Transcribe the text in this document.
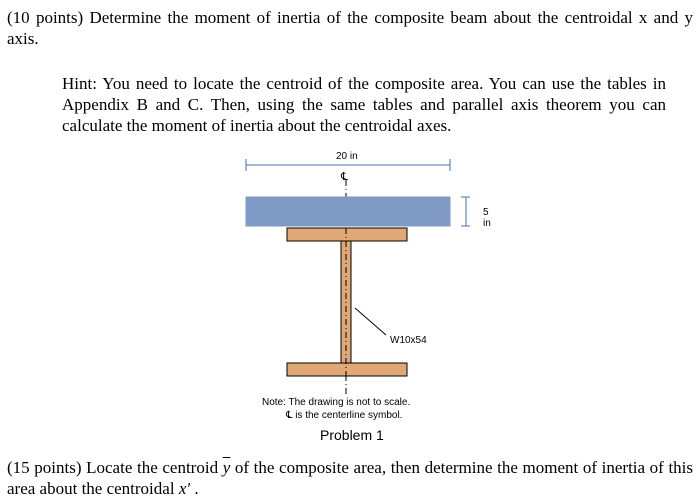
(10 points) Determine the moment of inertia of the composite beam about the centroidal x and y axis.

Hint: You need to locate the centroid of the composite area. You can use the tables in Appendix B and C. Then, using the same tables and parallel axis theorem you can calculate the moment of inertia about the centroidal axes.

20 in
℄
5 in
W10x54
Note: The drawing is not to scale.
℄ is the centerline symbol.
Problem 1

(15 points) Locate the centroid $\overline{y}$ of the composite area, then determine the moment of inertia of this area about the centroidal x′ .
